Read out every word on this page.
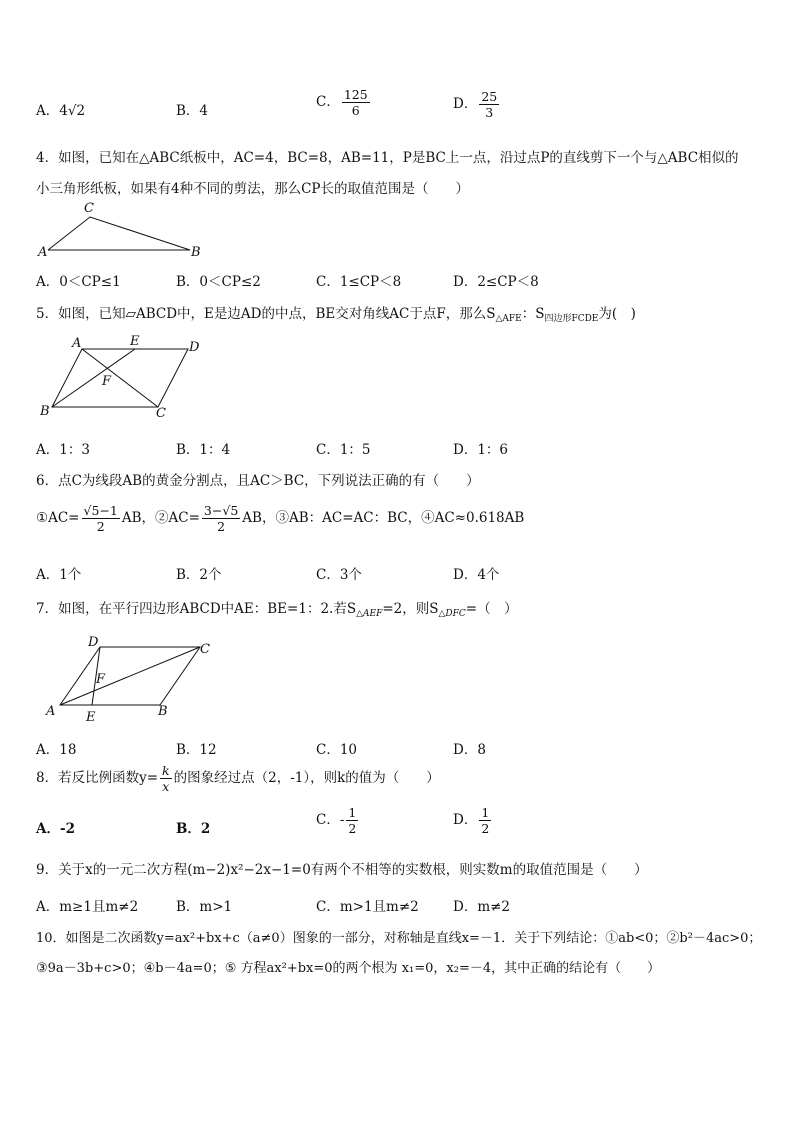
A．4√2	B．4
C． $\frac{125}{6}$	D． $\frac{25}{3}$
4．如图，已知在△ABC纸板中，AC=4，BC=8，AB=11，P是BC上一点，沿过点P的直线剪下一个与△ABC相似的
小三角形纸板，如果有4种不同的剪法，那么CP长的取值范围是（　　）
C
A	B
A．0＜CP≤1	B．0＜CP≤2	C．1≤CP＜8	D．2≤CP＜8
5．如图，已知▱ABCD中，E是边AD的中点，BE交对角线AC于点F，那么$S_{\triangle AFE}$：$S_{四边形FCDE}$为(　)
A	E	D
F
B	C
A．1：3	B．1：4	C．1：5	D．1：6
6．点C为线段AB的黄金分割点，且AC＞BC，下列说法正确的有（　　）
①AC= $\frac{√5-1}{2}$ AB，②AC= $\frac{3-√5}{2}$ AB，③AB：AC=AC：BC，④AC≈0.618AB
A．1个	B．2个	C．3个	D．4个
7．如图，在平行四边形ABCD中AE：BE=1：2.若$S_{\triangle AEF}=2$，则$S_{\triangle DFC}=$（　）
D	C
F
A E	B
A．18	B．12	C．10	D．8
8．若反比例函数$y= \frac{k}{x}$ 的图象经过点（2，-1），则k的值为（　　）
A．-2	B．2
C．- $\frac{1}{2}$	D． $\frac{1}{2}$
9．关于x的一元二次方程(m−2)x²−2x−1=0有两个不相等的实数根，则实数m的取值范围是（　　）
A．m≥1且m≠2	B．m>1	C．m>1且m≠2	D．m≠2
10．如图是二次函数y=ax²+bx+c（a≠0）图象的一部分，对称轴是直线x=－1．关于下列结论：①ab<0；②b²－4ac>0；
③9a－3b+c>0；④b－4a=0；⑤ 方程ax²+bx=0的两个根为 x₁=0，x₂=－4，其中正确的结论有（　　）
